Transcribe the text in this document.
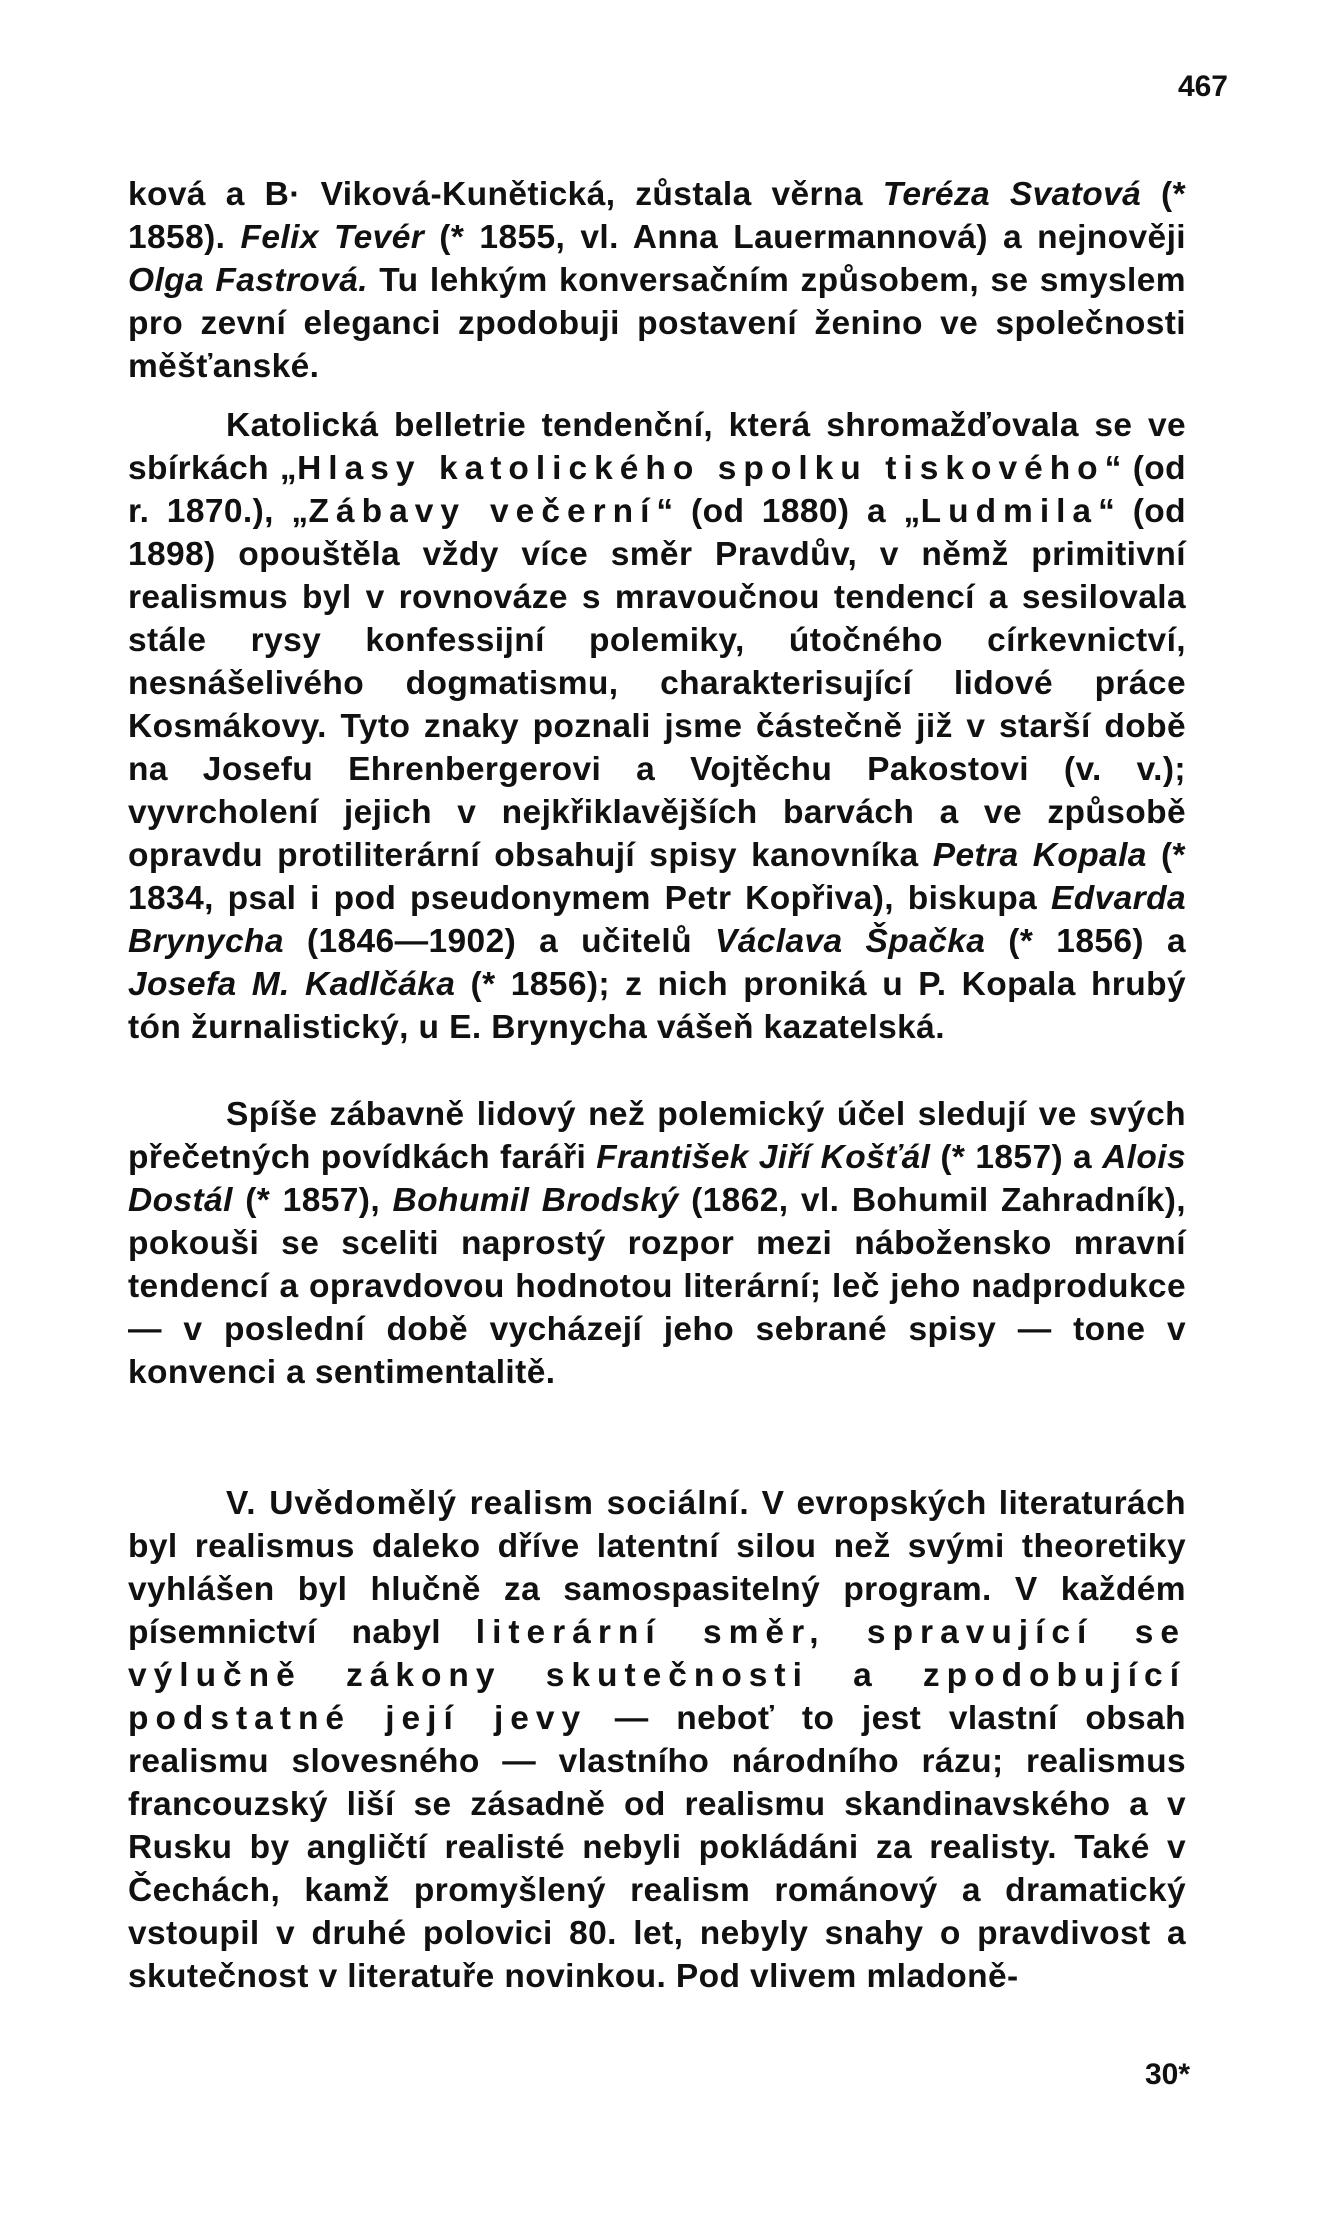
467

ková a B· Viková-Kunětická, zůstala věrna Teréza Svatová (* 1858). Felix Tevér (* 1855, vl. Anna Lauermannová) a nejnověji Olga Fastrová. Tu lehkým konversačním způsobem, se smyslem pro zevní eleganci zpodobuji postavení ženino ve společnosti měšťanské.

Katolická belletrie tendenční, která shromažďovala se ve sbírkách „Hlasy katolického spolku tiskového“ (od r. 1870.), „Zábavy večerní“ (od 1880) a „Ludmila“ (od 1898) opouštěla vždy více směr Pravdův, v němž primitivní realismus byl v rovnováze s mravoučnou tendencí a sesilovala stále rysy konfessijní polemiky, útočného církevnictví, nesnášelivého dogmatismu, charakterisující lidové práce Kosmákovy. Tyto znaky poznali jsme částečně již v starší době na Josefu Ehrenbergerovi a Vojtěchu Pakostovi (v. v.); vyvrcholení jejich v nejkřiklavějších barvách a ve způsobě opravdu protiliterární obsahují spisy kanovníka Petra Kopala (* 1834, psal i pod pseudonymem Petr Kopřiva), biskupa Edvarda Brynycha (1846—1902) a učitelů Václava Špačka (* 1856) a Josefa M. Kadlčáka (* 1856); z nich proniká u P. Kopala hrubý tón žurnalistický, u E. Brynycha vášeň kazatelská.

Spíše zábavně lidový než polemický účel sledují ve svých přečetných povídkách faráři František Jiří Košťál (* 1857) a Alois Dostál (* 1857), Bohumil Brodský (1862, vl. Bohumil Zahradník), pokouši se sceliti naprostý rozpor mezi nábožensko mravní tendencí a opravdovou hodnotou literární; leč jeho nadprodukce — v poslední době vycházejí jeho sebrané spisy — tone v konvenci a sentimentalitě.

V. Uvědomělý realism sociální. V evropských literaturách byl realismus daleko dříve latentní silou než svými theoretiky vyhlášen byl hlučně za samospasitelný program. V každém písemnictví nabyl literární směr, spravující se výlučně zákony skutečnosti a zpodobující podstatné její jevy — neboť to jest vlastní obsah realismu slovesného — vlastního národního rázu; realismus francouzský liší se zásadně od realismu skandinavského a v Rusku by angličtí realisté nebyli pokládáni za realisty. Také v Čechách, kamž promyšlený realism románový a dramatický vstoupil v druhé polovici 80. let, nebyly snahy o pravdivost a skutečnost v literatuře novinkou. Pod vlivem mladoně-

30*
